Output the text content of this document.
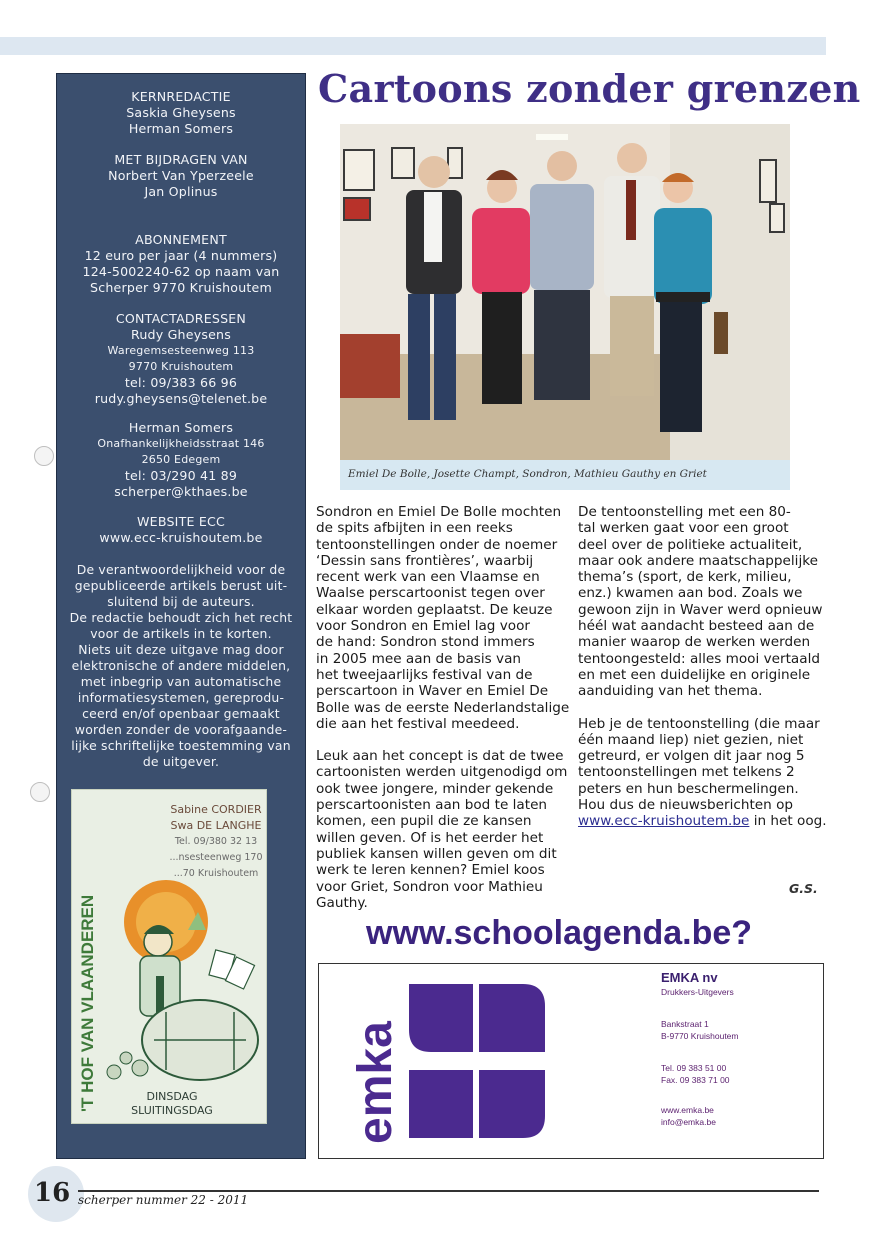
KERNREDACTIE
Saskia Gheysens
Herman Somers
MET BIJDRAGEN VAN
Norbert Van Yperzeele
Jan Oplinus
ABONNEMENT
12 euro per jaar (4 nummers)
124-5002240-62 op naam van
Scherper 9770 Kruishoutem
CONTACTADRESSEN
Rudy Gheysens
Waregemsesteenweg 113
9770 Kruishoutem
tel: 09/383 66 96
rudy.gheysens@telenet.be
Herman Somers
Onafhankelijkheidsstraat 146
2650 Edegem
tel: 03/290 41 89
scherper@kthaes.be
WEBSITE ECC
www.ecc-kruishoutem.be
De verantwoordelijkheid voor de
gepubliceerde artikels berust uit-
sluitend bij de auteurs.
De redactie behoudt zich het recht
voor de artikels in te korten.
Niets uit deze uitgave mag door
elektronische of andere middelen,
met inbegrip van automatische
informatiesystemen, gereprodu-
ceerd en/of openbaar gemaakt
worden zonder de voorafgaande-
lijke schriftelijke toestemming van
de uitgever.
'T HOF VAN VLAANDEREN
Sabine CORDIER
Swa DE LANGHE
Tel. 09/380 32 13
...nsesteenweg 170
...70 Kruishoutem
DINSDAG
SLUITINGSDAG
Cartoons zonder grenzen
Emiel De Bolle, Josette Champt, Sondron, Mathieu Gauthy en Griet

Sondron en Emiel De Bolle mochten
de spits afbijten in een reeks
tentoonstellingen onder de noemer
‘Dessin sans frontières’, waarbij
recent werk van een Vlaamse en
Waalse perscartoonist tegen over
elkaar worden geplaatst. De keuze
voor Sondron en Emiel lag voor
de hand: Sondron stond immers
in 2005 mee aan de basis van
het tweejaarlijks festival van de
perscartoon in Waver en Emiel De
Bolle was de eerste Nederlandstalige
die aan het festival meedeed.

Leuk aan het concept is dat de twee
cartoonisten werden uitgenodigd om
ook twee jongere, minder gekende
perscartoonisten aan bod te laten
komen, een pupil die ze kansen
willen geven. Of is het eerder het
publiek kansen willen geven om dit
werk te leren kennen? Emiel koos
voor Griet, Sondron voor Mathieu
Gauthy.

De tentoonstelling met een 80-
tal werken gaat voor een groot
deel over de politieke actualiteit,
maar ook andere maatschappelijke
thema’s (sport, de kerk, milieu,
enz.) kwamen aan bod. Zoals we
gewoon zijn in Waver werd opnieuw
héél wat aandacht besteed aan de
manier waarop de werken werden
tentoongesteld: alles mooi vertaald
en met een duidelijke en originele
aanduiding van het thema.

Heb je de tentoonstelling (die maar
één maand liep) niet gezien, niet
getreurd, er volgen dit jaar nog 5
tentoonstellingen met telkens 2
peters en hun beschermelingen.
Hou dus de nieuwsberichten op
www.ecc-kruishoutem.be in het oog.

G.S.
www.schoolagenda.be?
emka
EMKA nv
Drukkers-Uitgevers
Bankstraat 1
B-9770 Kruishoutem
Tel. 09 383 51 00
Fax. 09 383 71 00
www.emka.be
info@emka.be
16 scherper nummer 22 - 2011
